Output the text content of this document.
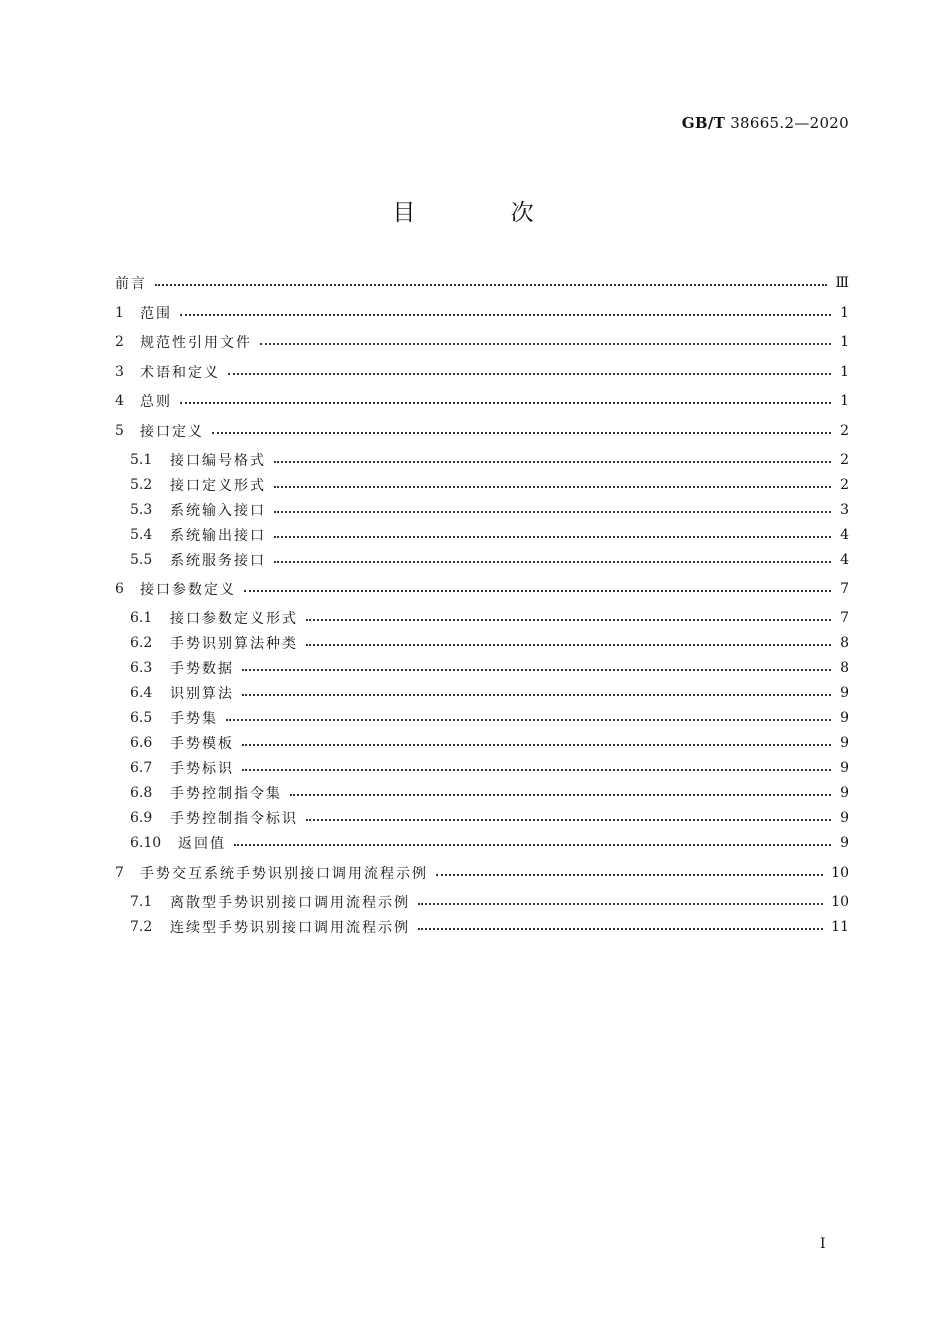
GB/T 38665.2—2020
目 次
前言	Ⅲ
1	范围	1
2	规范性引用文件	1
3	术语和定义	1
4	总则	1
5	接口定义	2
5.1	接口编号格式	2
5.2	接口定义形式	2
5.3	系统输入接口	3
5.4	系统输出接口	4
5.5	系统服务接口	4
6	接口参数定义	7
6.1	接口参数定义形式	7
6.2	手势识别算法种类	8
6.3	手势数据	8
6.4	识别算法	9
6.5	手势集	9
6.6	手势模板	9
6.7	手势标识	9
6.8	手势控制指令集	9
6.9	手势控制指令标识	9
6.10	返回值	9
7	手势交互系统手势识别接口调用流程示例	10
7.1	离散型手势识别接口调用流程示例	10
7.2	连续型手势识别接口调用流程示例	11
I
